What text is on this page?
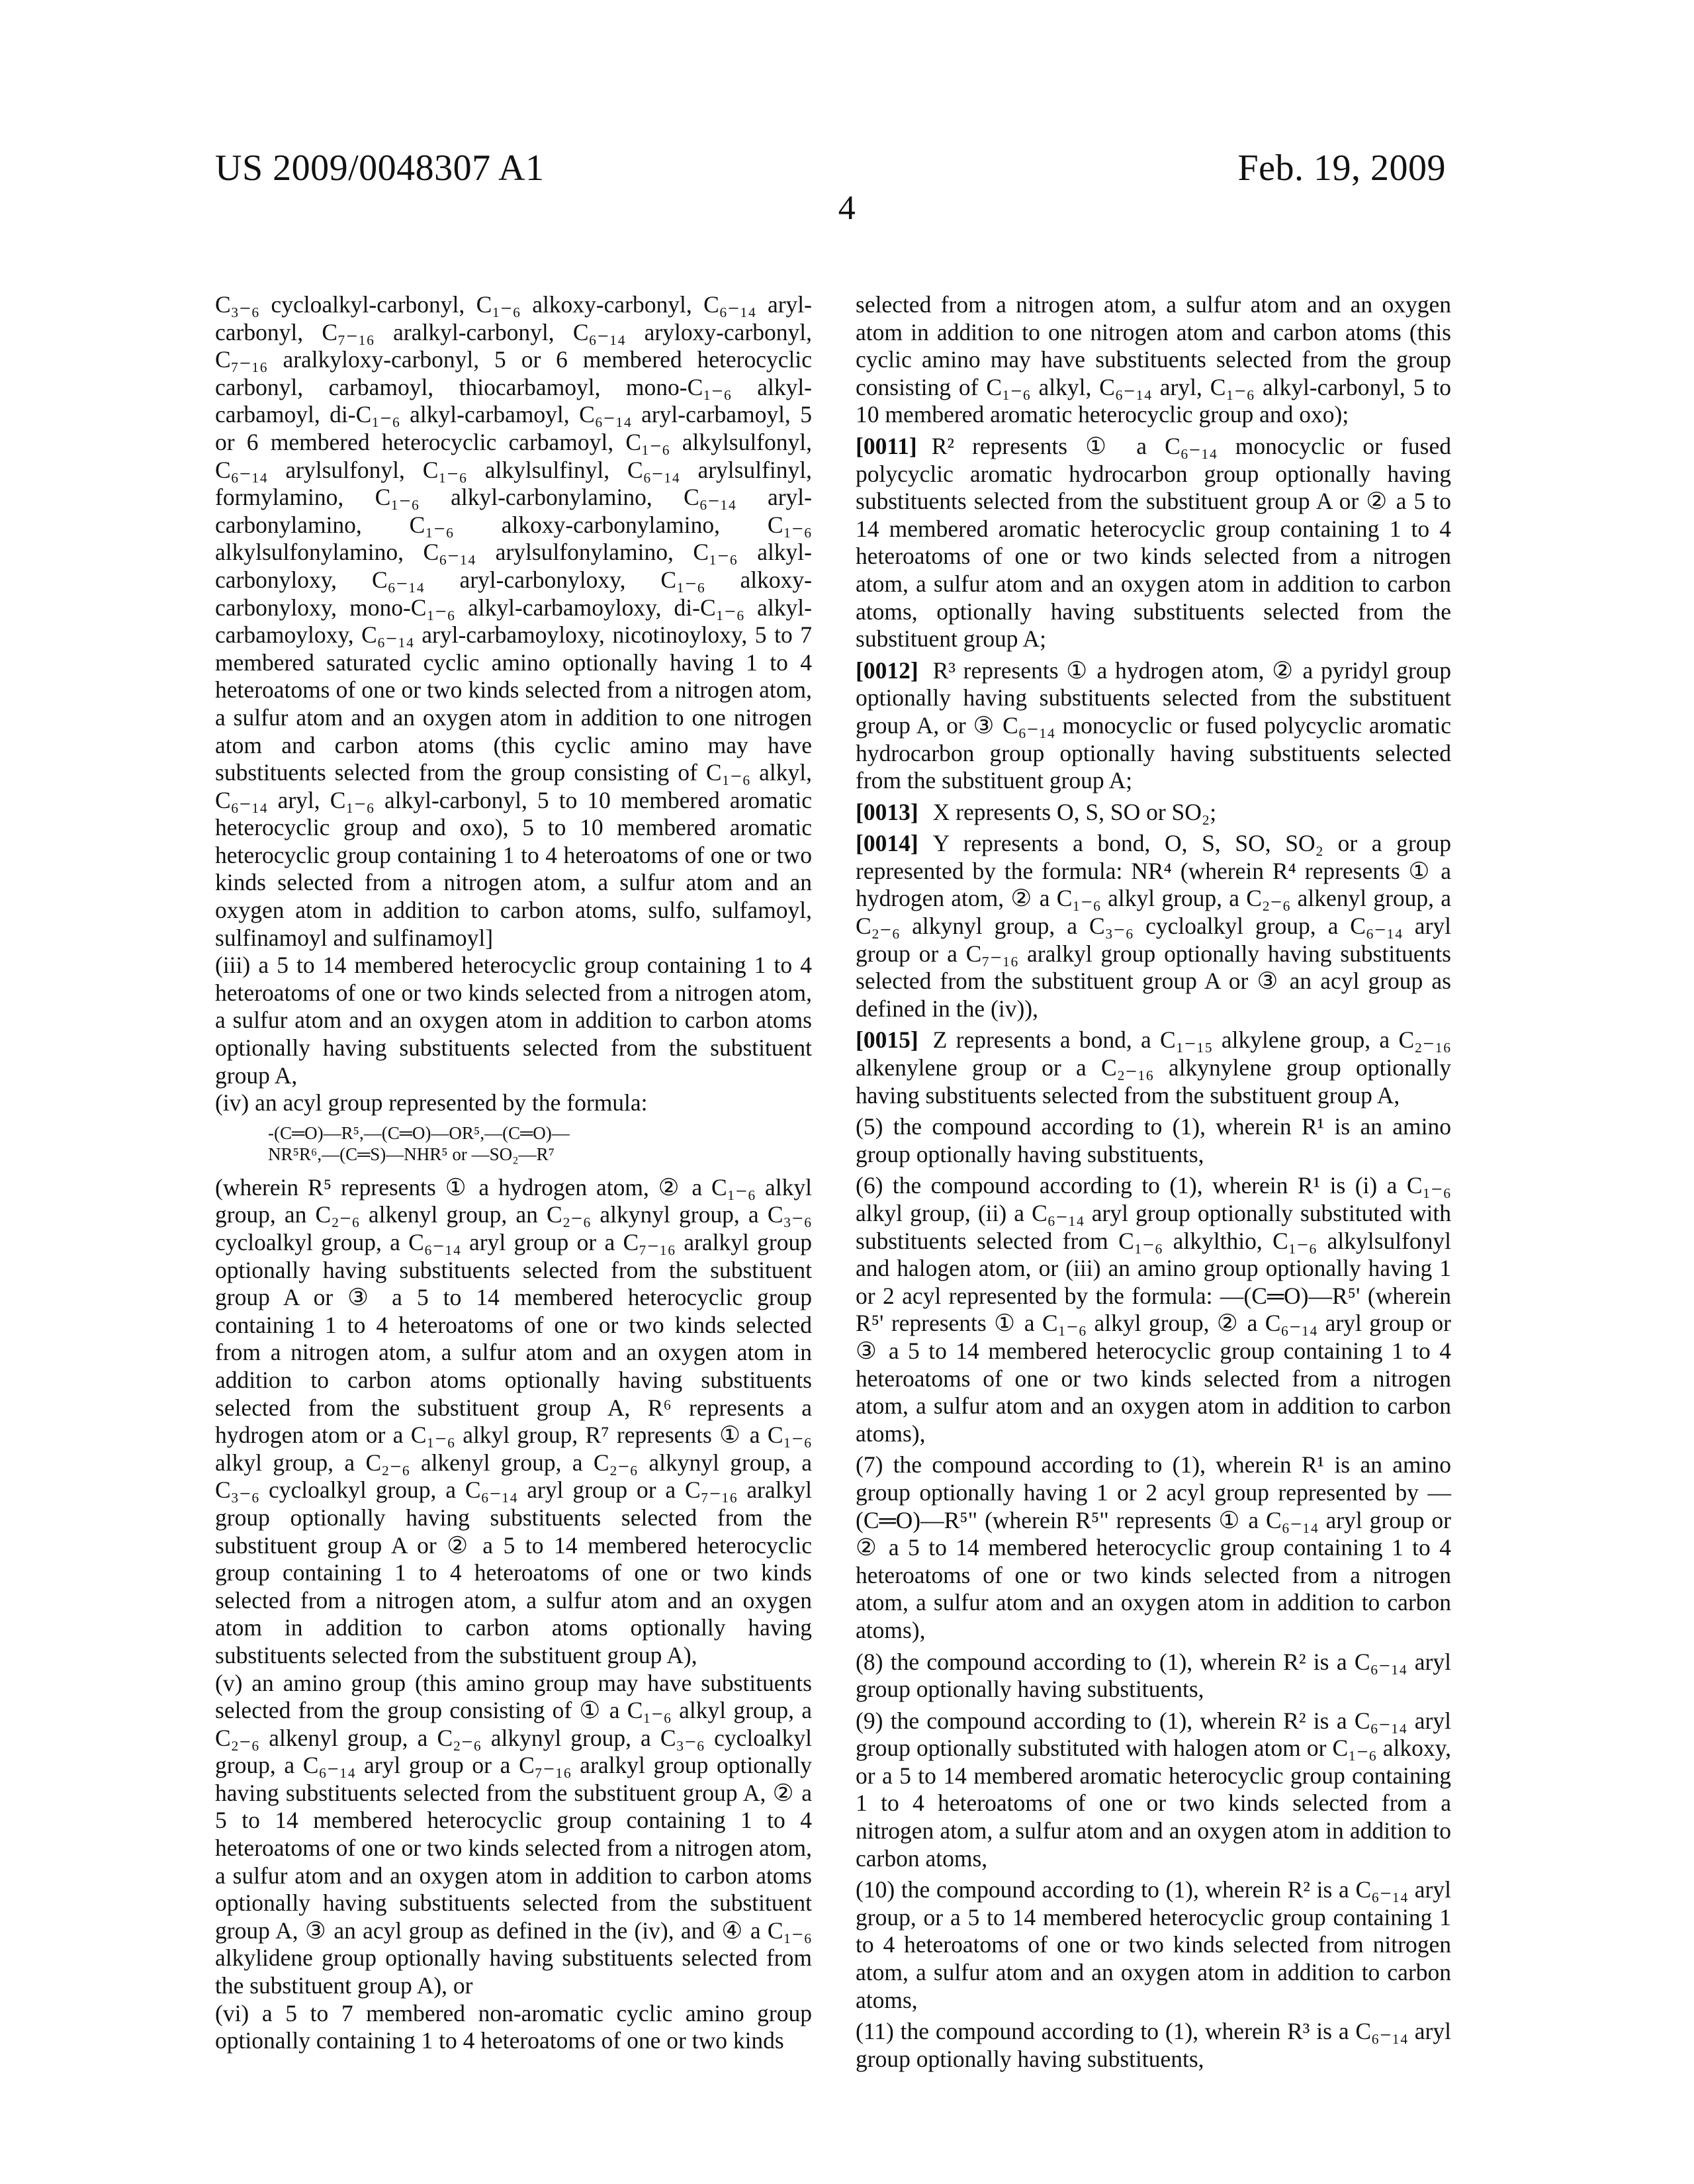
US 2009/0048307 A1	Feb. 19, 2009
4

C₃₋₆ cycloalkyl-carbonyl, C₁₋₆ alkoxy-carbonyl, C₆₋₁₄ aryl-carbonyl, C₇₋₁₆ aralkyl-carbonyl, C₆₋₁₄ aryloxy-carbonyl, C₇₋₁₆ aralkyloxy-carbonyl, 5 or 6 membered heterocyclic carbonyl, carbamoyl, thiocarbamoyl, mono-C₁₋₆ alkyl-carbamoyl, di-C₁₋₆ alkyl-carbamoyl, C₆₋₁₄ aryl-carbamoyl, 5 or 6 membered heterocyclic carbamoyl, C₁₋₆ alkylsulfonyl, C₆₋₁₄ arylsulfonyl, C₁₋₆ alkylsulfinyl, C₆₋₁₄ arylsulfinyl, formylamino, C₁₋₆ alkyl-carbonylamino, C₆₋₁₄ aryl-carbonylamino, C₁₋₆ alkoxy-carbonylamino, C₁₋₆ alkylsulfonylamino, C₆₋₁₄ arylsulfonylamino, C₁₋₆ alkyl-carbonyloxy, C₆₋₁₄ aryl-carbonyloxy, C₁₋₆ alkoxy-carbonyloxy, mono-C₁₋₆ alkyl-carbamoyloxy, di-C₁₋₆ alkyl-carbamoyloxy, C₆₋₁₄ aryl-carbamoyloxy, nicotinoyloxy, 5 to 7 membered saturated cyclic amino optionally having 1 to 4 heteroatoms of one or two kinds selected from a nitrogen atom, a sulfur atom and an oxygen atom in addition to one nitrogen atom and carbon atoms (this cyclic amino may have substituents selected from the group consisting of C₁₋₆ alkyl, C₆₋₁₄ aryl, C₁₋₆ alkyl-carbonyl, 5 to 10 membered aromatic heterocyclic group and oxo), 5 to 10 membered aromatic heterocyclic group containing 1 to 4 heteroatoms of one or two kinds selected from a nitrogen atom, a sulfur atom and an oxygen atom in addition to carbon atoms, sulfo, sulfamoyl, sulfinamoyl and sulfinamoyl]

(iii) a 5 to 14 membered heterocyclic group containing 1 to 4 heteroatoms of one or two kinds selected from a nitrogen atom, a sulfur atom and an oxygen atom in addition to carbon atoms optionally having substituents selected from the substituent group A,

(iv) an acyl group represented by the formula:

-(C═O)—R⁵,—(C═O)—OR⁵,—(C═O)—
NR⁵R⁶,—(C═S)—NHR⁵ or —SO₂—R⁷

(wherein R⁵ represents ① a hydrogen atom, ② a C₁₋₆ alkyl group, an C₂₋₆ alkenyl group, an C₂₋₆ alkynyl group, a C₃₋₆ cycloalkyl group, a C₆₋₁₄ aryl group or a C₇₋₁₆ aralkyl group optionally having substituents selected from the substituent group A or ③ a 5 to 14 membered heterocyclic group containing 1 to 4 heteroatoms of one or two kinds selected from a nitrogen atom, a sulfur atom and an oxygen atom in addition to carbon atoms optionally having substituents selected from the substituent group A, R⁶ represents a hydrogen atom or a C₁₋₆ alkyl group, R⁷ represents ① a C₁₋₆ alkyl group, a C₂₋₆ alkenyl group, a C₂₋₆ alkynyl group, a C₃₋₆ cycloalkyl group, a C₆₋₁₄ aryl group or a C₇₋₁₆ aralkyl group optionally having substituents selected from the substituent group A or ② a 5 to 14 membered heterocyclic group containing 1 to 4 heteroatoms of one or two kinds selected from a nitrogen atom, a sulfur atom and an oxygen atom in addition to carbon atoms optionally having substituents selected from the substituent group A),

(v) an amino group (this amino group may have substituents selected from the group consisting of ① a C₁₋₆ alkyl group, a C₂₋₆ alkenyl group, a C₂₋₆ alkynyl group, a C₃₋₆ cycloalkyl group, a C₆₋₁₄ aryl group or a C₇₋₁₆ aralkyl group optionally having substituents selected from the substituent group A, ② a 5 to 14 membered heterocyclic group containing 1 to 4 heteroatoms of one or two kinds selected from a nitrogen atom, a sulfur atom and an oxygen atom in addition to carbon atoms optionally having substituents selected from the substituent group A, ③ an acyl group as defined in the (iv), and ④ a C₁₋₆ alkylidene group optionally having substituents selected from the substituent group A), or

(vi) a 5 to 7 membered non-aromatic cyclic amino group optionally containing 1 to 4 heteroatoms of one or two kinds

selected from a nitrogen atom, a sulfur atom and an oxygen atom in addition to one nitrogen atom and carbon atoms (this cyclic amino may have substituents selected from the group consisting of C₁₋₆ alkyl, C₆₋₁₄ aryl, C₁₋₆ alkyl-carbonyl, 5 to 10 membered aromatic heterocyclic group and oxo);

[0011] R² represents ① a C₆₋₁₄ monocyclic or fused polycyclic aromatic hydrocarbon group optionally having substituents selected from the substituent group A or ② a 5 to 14 membered aromatic heterocyclic group containing 1 to 4 heteroatoms of one or two kinds selected from a nitrogen atom, a sulfur atom and an oxygen atom in addition to carbon atoms, optionally having substituents selected from the substituent group A;

[0012] R³ represents ① a hydrogen atom, ② a pyridyl group optionally having substituents selected from the substituent group A, or ③ C₆₋₁₄ monocyclic or fused polycyclic aromatic hydrocarbon group optionally having substituents selected from the substituent group A;

[0013] X represents O, S, SO or SO₂;

[0014] Y represents a bond, O, S, SO, SO₂ or a group represented by the formula: NR⁴ (wherein R⁴ represents ① a hydrogen atom, ② a C₁₋₆ alkyl group, a C₂₋₆ alkenyl group, a C₂₋₆ alkynyl group, a C₃₋₆ cycloalkyl group, a C₆₋₁₄ aryl group or a C₇₋₁₆ aralkyl group optionally having substituents selected from the substituent group A or ③ an acyl group as defined in the (iv)),

[0015] Z represents a bond, a C₁₋₁₅ alkylene group, a C₂₋₁₆ alkenylene group or a C₂₋₁₆ alkynylene group optionally having substituents selected from the substituent group A,

(5) the compound according to (1), wherein R¹ is an amino group optionally having substituents,

(6) the compound according to (1), wherein R¹ is (i) a C₁₋₆ alkyl group, (ii) a C₆₋₁₄ aryl group optionally substituted with substituents selected from C₁₋₆ alkylthio, C₁₋₆ alkylsulfonyl and halogen atom, or (iii) an amino group optionally having 1 or 2 acyl represented by the formula: —(C═O)—R⁵' (wherein R⁵' represents ① a C₁₋₆ alkyl group, ② a C₆₋₁₄ aryl group or ③ a 5 to 14 membered heterocyclic group containing 1 to 4 heteroatoms of one or two kinds selected from a nitrogen atom, a sulfur atom and an oxygen atom in addition to carbon atoms),

(7) the compound according to (1), wherein R¹ is an amino group optionally having 1 or 2 acyl group represented by —(C═O)—R⁵" (wherein R⁵" represents ① a C₆₋₁₄ aryl group or ② a 5 to 14 membered heterocyclic group containing 1 to 4 heteroatoms of one or two kinds selected from a nitrogen atom, a sulfur atom and an oxygen atom in addition to carbon atoms),

(8) the compound according to (1), wherein R² is a C₆₋₁₄ aryl group optionally having substituents,

(9) the compound according to (1), wherein R² is a C₆₋₁₄ aryl group optionally substituted with halogen atom or C₁₋₆ alkoxy, or a 5 to 14 membered aromatic heterocyclic group containing 1 to 4 heteroatoms of one or two kinds selected from a nitrogen atom, a sulfur atom and an oxygen atom in addition to carbon atoms,

(10) the compound according to (1), wherein R² is a C₆₋₁₄ aryl group, or a 5 to 14 membered heterocyclic group containing 1 to 4 heteroatoms of one or two kinds selected from nitrogen atom, a sulfur atom and an oxygen atom in addition to carbon atoms,

(11) the compound according to (1), wherein R³ is a C₆₋₁₄ aryl group optionally having substituents,
